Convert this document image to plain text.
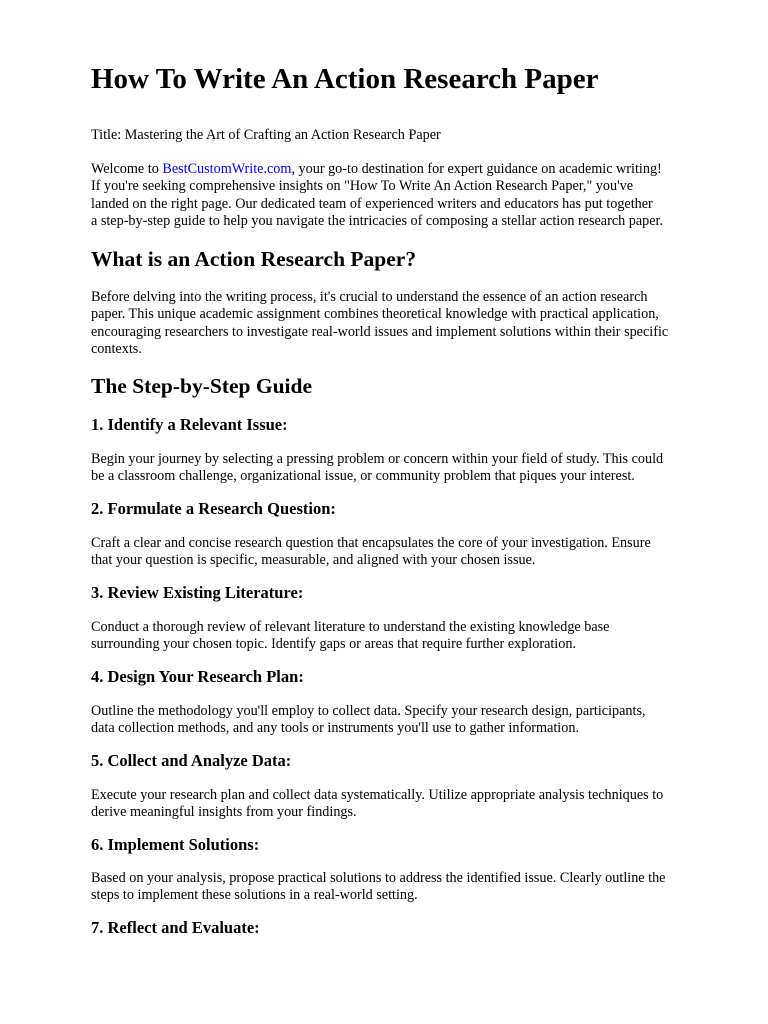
How To Write An Action Research Paper

Title: Mastering the Art of Crafting an Action Research Paper

Welcome to BestCustomWrite.com, your go-to destination for expert guidance on academic writing!
If you're seeking comprehensive insights on "How To Write An Action Research Paper," you've
landed on the right page. Our dedicated team of experienced writers and educators has put together
a step-by-step guide to help you navigate the intricacies of composing a stellar action research paper.

What is an Action Research Paper?

Before delving into the writing process, it's crucial to understand the essence of an action research
paper. This unique academic assignment combines theoretical knowledge with practical application,
encouraging researchers to investigate real-world issues and implement solutions within their specific
contexts.

The Step-by-Step Guide
1. Identify a Relevant Issue:

Begin your journey by selecting a pressing problem or concern within your field of study. This could
be a classroom challenge, organizational issue, or community problem that piques your interest.

2. Formulate a Research Question:

Craft a clear and concise research question that encapsulates the core of your investigation. Ensure
that your question is specific, measurable, and aligned with your chosen issue.

3. Review Existing Literature:

Conduct a thorough review of relevant literature to understand the existing knowledge base
surrounding your chosen topic. Identify gaps or areas that require further exploration.

4. Design Your Research Plan:

Outline the methodology you'll employ to collect data. Specify your research design, participants,
data collection methods, and any tools or instruments you'll use to gather information.

5. Collect and Analyze Data:

Execute your research plan and collect data systematically. Utilize appropriate analysis techniques to
derive meaningful insights from your findings.

6. Implement Solutions:

Based on your analysis, propose practical solutions to address the identified issue. Clearly outline the
steps to implement these solutions in a real-world setting.

7. Reflect and Evaluate:
